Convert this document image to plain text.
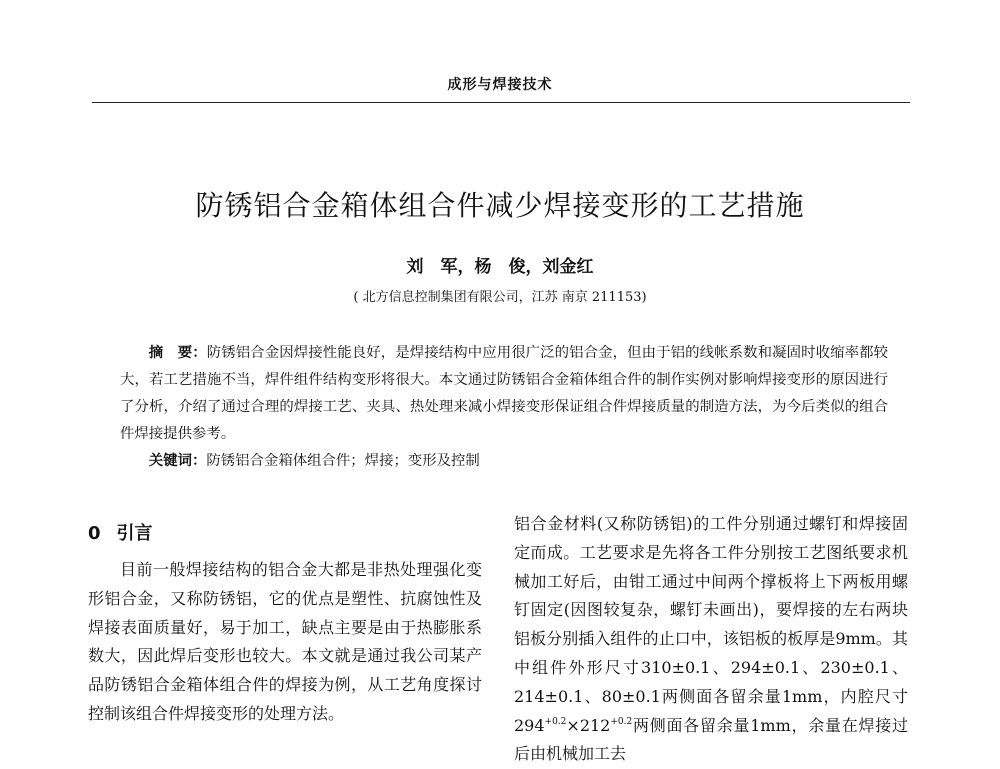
成形与焊接技术
防锈铝合金箱体组合件减少焊接变形的工艺措施
刘　军，杨　俊，刘金红
( 北方信息控制集团有限公司，江苏 南京 211153)

摘　要：防锈铝合金因焊接性能良好，是焊接结构中应用很广泛的铝合金，但由于铝的线帐系数和凝固时收缩率都较大，若工艺措施不当，焊件组件结构变形将很大。本文通过防锈铝合金箱体组合件的制作实例对影响焊接变形的原因进行了分析，介绍了通过合理的焊接工艺、夹具、热处理来减小焊接变形保证组合件焊接质量的制造方法，为今后类似的组合件焊接提供参考。

关键词：防锈铝合金箱体组合件；焊接；变形及控制

0 引言

目前一般焊接结构的铝合金大都是非热处理强化变形铝合金，又称防锈铝，它的优点是塑性、抗腐蚀性及焊接表面质量好，易于加工，缺点主要是由于热膨胀系数大，因此焊后变形也较大。本文就是通过我公司某产品防锈铝合金箱体组合件的焊接为例，从工艺角度探讨控制该组合件焊接变形的处理方法。

铝合金材料(又称防锈铝)的工件分别通过螺钉和焊接固定而成。工艺要求是先将各工件分别按工艺图纸要求机械加工好后，由钳工通过中间两个撑板将上下两板用螺钉固定(因图较复杂，螺钉未画出)，要焊接的左右两块铝板分别插入组件的止口中，该铝板的板厚是9mm。其中组件外形尺寸310±0.1、294±0.1、230±0.1、214±0.1、80±0.1两侧面各留余量1mm，内腔尺寸$294^{+0.2}\times 212^{+0.2}$两侧面各留余量1mm，余量在焊接过后由机械加工去
